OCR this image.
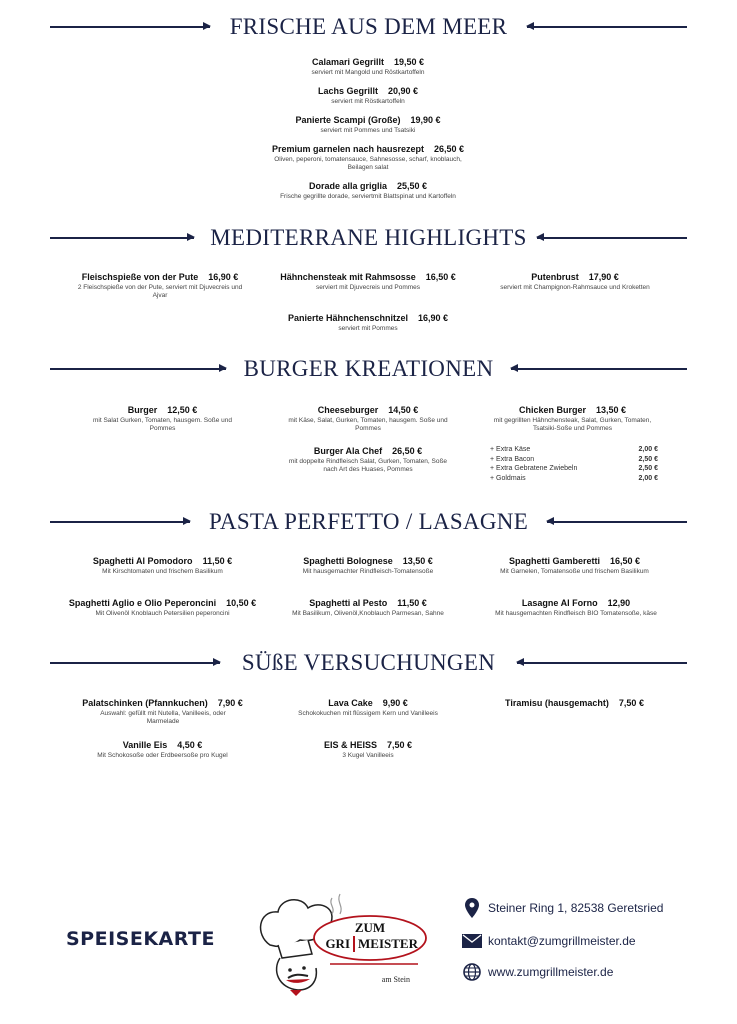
FRISCHE AUS DEM MEER
Calamari Gegrillt 19,50 €
serviert mit Mangold und Röstkartoffeln
Lachs Gegrillt 20,90 €
serviert mit Röstkartoffeln
Panierte Scampi (Große) 19,90 €
serviert mit Pommes und Tsatsiki
Premium garnelen nach hausrezept 26,50 €
Oliven, peperoni, tomatensauce, Sahnesosse, scharf, knoblauch, Beilagen salat
Dorade alla griglia 25,50 €
Frische gegrillte dorade, serviertmit Blattspinat und Kartoffeln
MEDITERRANE HIGHLIGHTS
Fleischspieße von der Pute 16,90 €
2 Fleischspieße von der Pute, serviert mit Djuvecreis und Ajvar
Hähnchensteak mit Rahmsosse 16,50 €
serviert mit Djuvecreis und Pommes
Putenbrust 17,90 €
serviert mit Champignon-Rahmsauce und Kroketten
Panierte Hähnchenschnitzel 16,90 €
serviert mit Pommes
BURGER KREATIONEN
Burger 12,50 €
mit Salat Gurken, Tomaten, hausgem. Soße und Pommes
Cheeseburger 14,50 €
mit Käse, Salat, Gurken, Tomaten, hausgem. Soße und Pommes
Chicken Burger 13,50 €
mit gegrillten Hähnchensteak, Salat, Gurken, Tomaten, Tsatsiki-Soße und Pommes
Burger Ala Chef 26,50 €
mit doppelte Rindfleisch Salat, Gurken, Tomaten, Soße nach Art des Huases, Pommes
+ Extra Käse	2,00 €
+ Extra Bacon	2,50 €
+ Extra Gebratene Zwiebeln	2,50 €
+ Goldmais	2,00 €
PASTA PERFETTO / LASAGNE
Spaghetti Al Pomodoro 11,50 €
Mit Kirschtomaten und frischem Basilikum
Spaghetti Bolognese 13,50 €
Mit hausgemachter Rindfleisch-Tomatensoße
Spaghetti Gamberetti 16,50 €
Mit Garnelen, Tomatensoße und frischem Basilikum
Spaghetti Aglio e Olio Peperoncini 10,50 €
Mit Olivenöl Knoblauch Petersilien peperoncini
Spaghetti al Pesto 11,50 €
Mit Basilikum, Olivenöl,Knoblauch Parmesan, Sahne
Lasagne Al Forno 12,90
Mit hausgemachten Rindfleisch BIO Tomatensoße, käse
SÜßE VERSUCHUNGEN
Palatschinken (Pfannkuchen) 7,90 €
Auswahl: gefüllt mit Nutella, Vanilleeis, oder Marmelade
Lava Cake 9,90 €
Schokokuchen mit flüssigem Kern und Vanilleeis
Tiramisu (hausgemacht) 7,50 €
Vanille Eis 4,50 €
Mit Schokosoße oder Erdbeersoße pro Kugel
EIS & HEISS 7,50 €
3 Kugel Vanilleeis
SPEISEKARTE
ZUM
GRI MEISTER
am Stein
Steiner Ring 1, 82538 Geretsried
kontakt@zumgrillmeister.de
www.zumgrillmeister.de
